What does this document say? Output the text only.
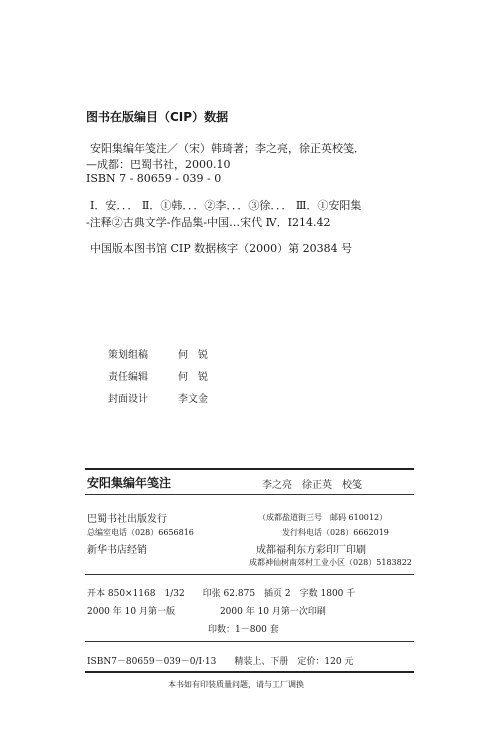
图书在版编目（CIP）数据
安阳集编年笺注／（宋）韩琦著；李之亮，徐正英校笺．
—成都：巴蜀书社，2000.10
ISBN 7 - 80659 - 039 - 0
Ⅰ．安．．． Ⅱ．①韩．．．②李．．．③徐．．． Ⅲ．①安阳集
-注释②古典文学-作品集-中国…宋代 Ⅳ．I214.42
中国版本图书馆 CIP 数据核字（2000）第 20384 号
策划组稿	何　锐
责任编辑	何　锐
封面设计	李文金
安阳集编年笺注	李之亮　徐正英　校笺
巴蜀书社出版发行	（成都盐道街三号　邮码 610012）
总编室电话（028）6656816	发行科电话（028）6662019
新华书店经销	成都福利东方彩印厂印刷
成都神仙树南郊村工业小区（028）5183822
开本 850×1168　1/32　　印张 62.875　插页 2　字数 1800 千
2000 年 10 月第一版　　　　　2000 年 10 月第一次印刷
印数：1－800 套
ISBN7－80659－039－0/I·13　　精装上、下册　定价：120 元
本书如有印装质量问题，请与工厂调换
